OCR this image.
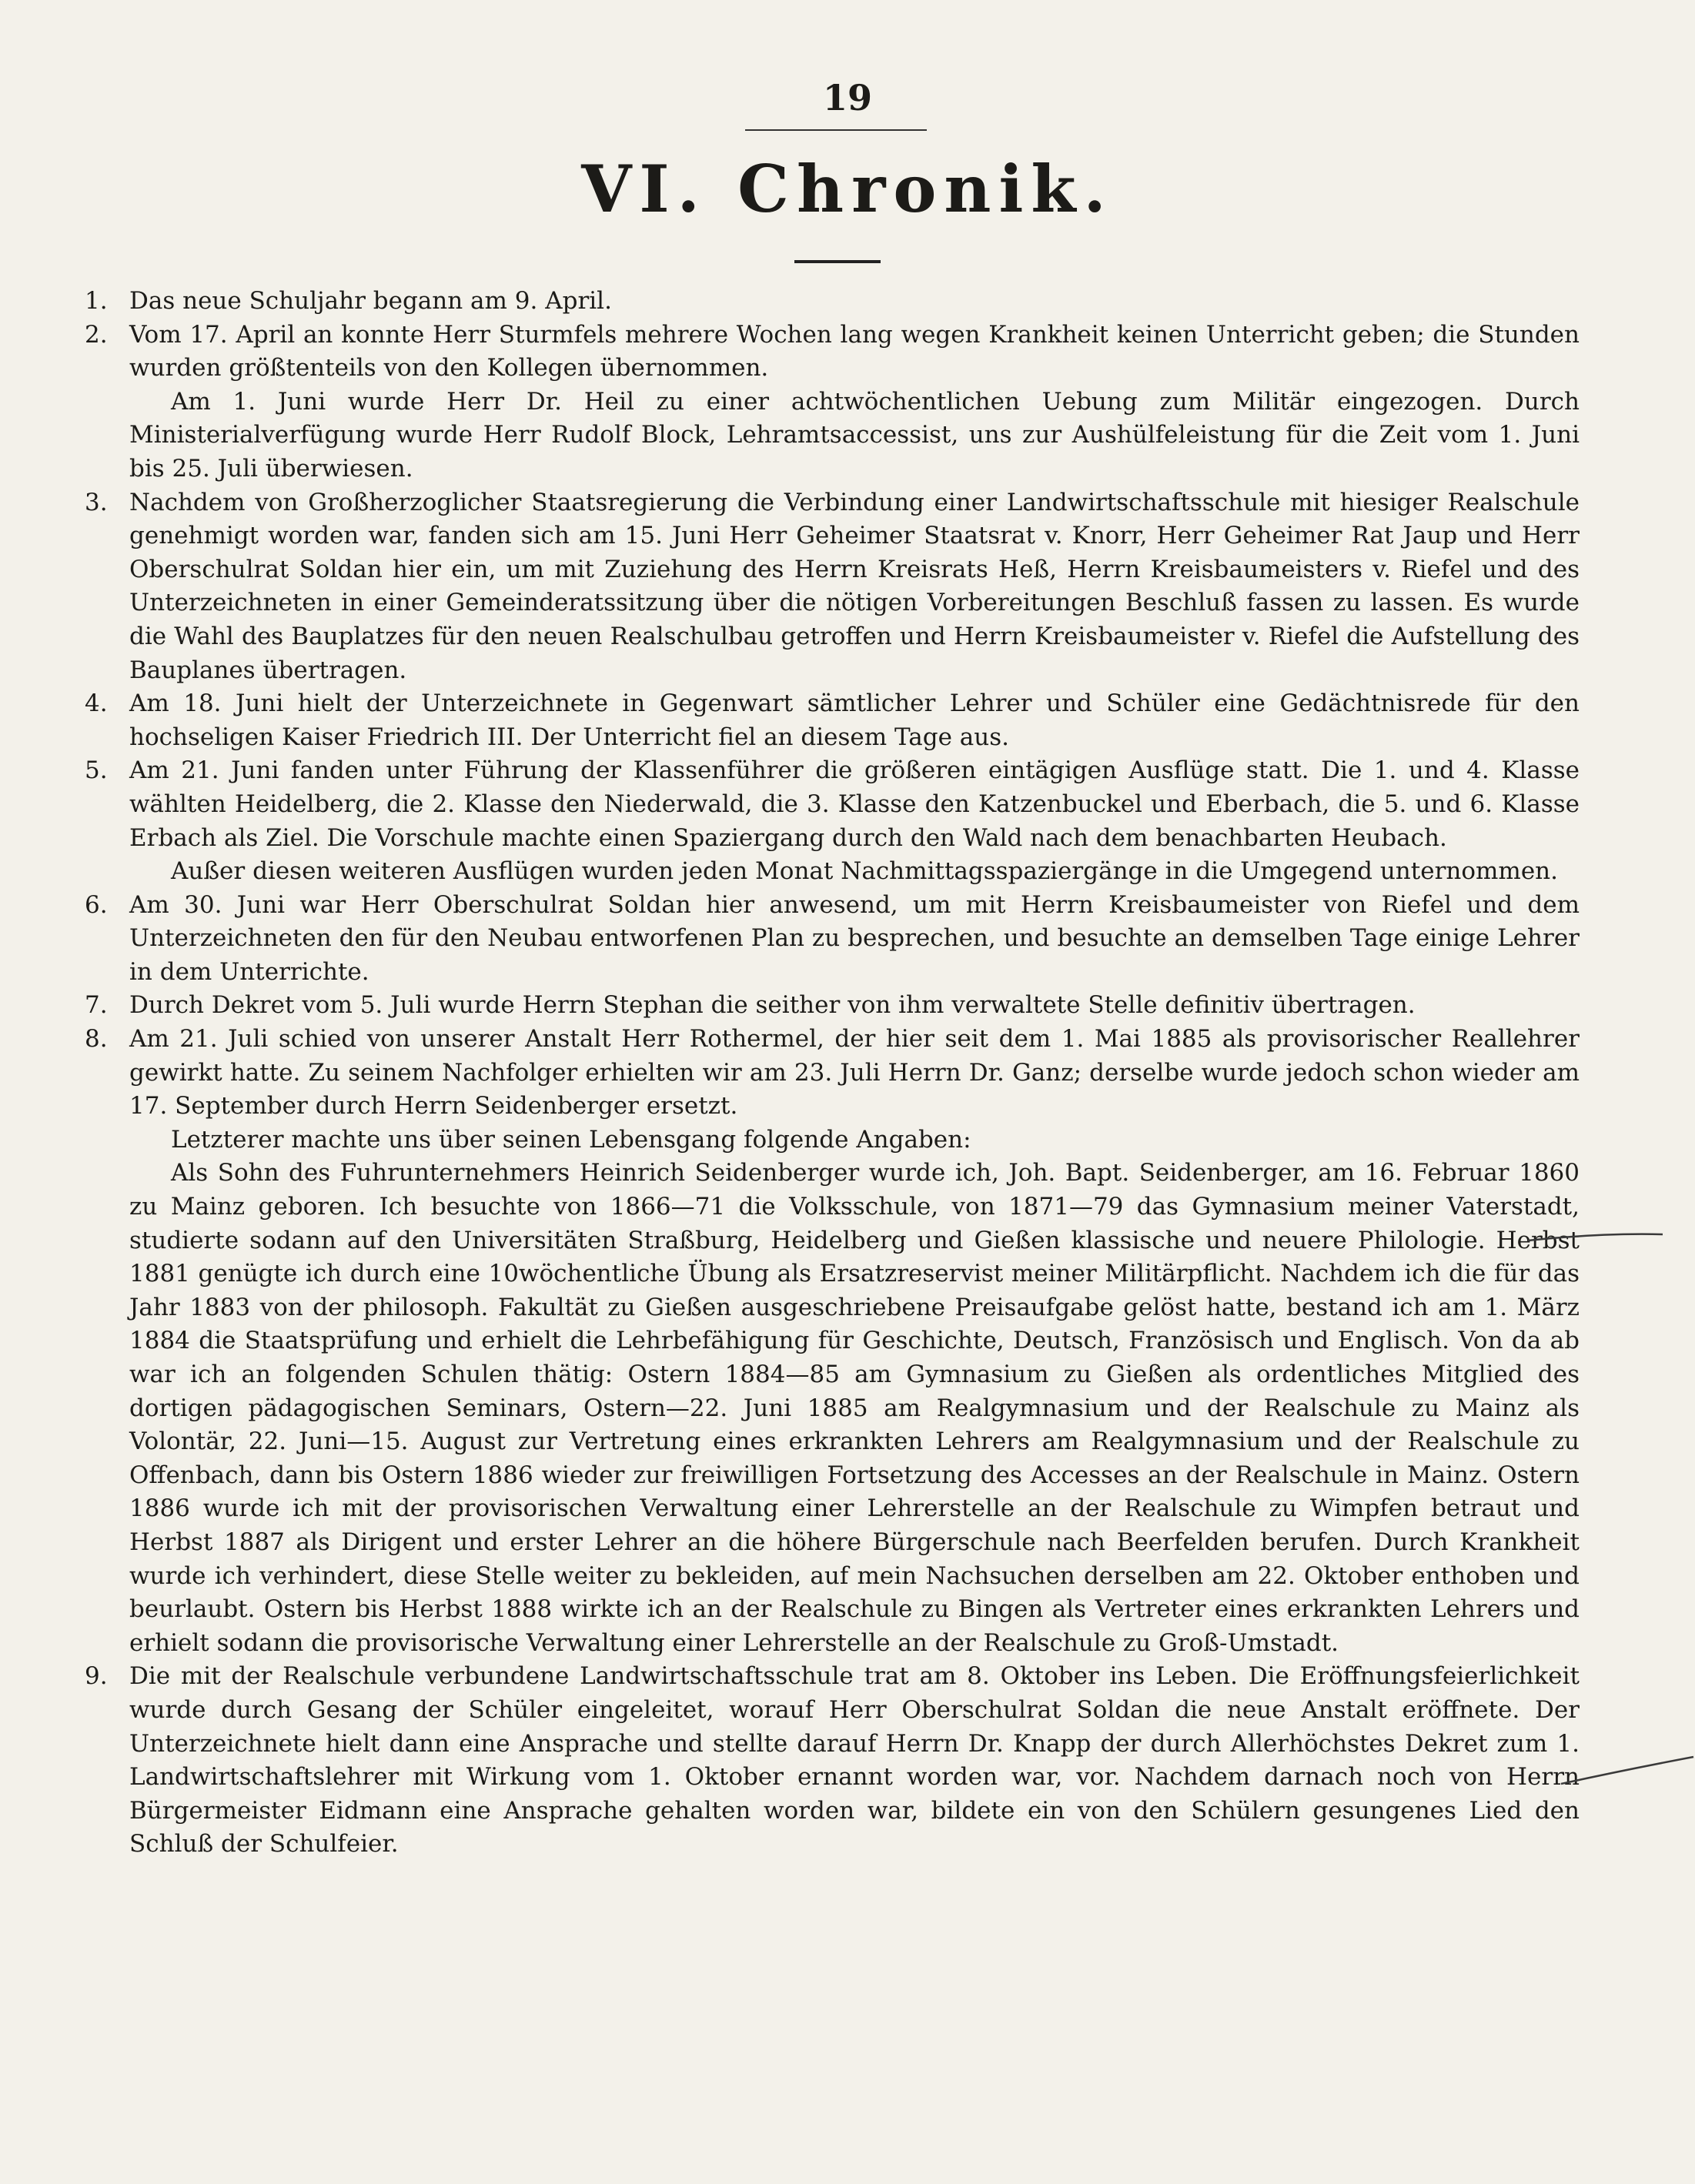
19
VI. Chronik.
1. Das neue Schuljahr begann am 9. April.

2. Vom 17. April an konnte Herr Sturmfels mehrere Wochen lang wegen Krankheit keinen Unterricht geben; die Stunden wurden größtenteils von den Kollegen übernommen.

Am 1. Juni wurde Herr Dr. Heil zu einer achtwöchentlichen Uebung zum Militär eingezogen. Durch Ministerialverfügung wurde Herr Rudolf Block, Lehramtsaccessist, uns zur Aushülfeleistung für die Zeit vom 1. Juni bis 25. Juli überwiesen.

3. Nachdem von Großherzoglicher Staatsregierung die Verbindung einer Landwirtschaftsschule mit hiesiger Realschule genehmigt worden war, fanden sich am 15. Juni Herr Geheimer Staatsrat v. Knorr, Herr Geheimer Rat Jaup und Herr Oberschulrat Soldan hier ein, um mit Zuziehung des Herrn Kreisrats Heß, Herrn Kreisbaumeisters v. Riefel und des Unterzeichneten in einer Gemeinderatssitzung über die nötigen Vorbereitungen Beschluß fassen zu lassen. Es wurde die Wahl des Bauplatzes für den neuen Realschulbau getroffen und Herrn Kreisbaumeister v. Riefel die Aufstellung des Bauplanes übertragen.

4. Am 18. Juni hielt der Unterzeichnete in Gegenwart sämtlicher Lehrer und Schüler eine Gedächtnisrede für den hochseligen Kaiser Friedrich III. Der Unterricht fiel an diesem Tage aus.

5. Am 21. Juni fanden unter Führung der Klassenführer die größeren eintägigen Ausflüge statt. Die 1. und 4. Klasse wählten Heidelberg, die 2. Klasse den Niederwald, die 3. Klasse den Katzenbuckel und Eberbach, die 5. und 6. Klasse Erbach als Ziel. Die Vorschule machte einen Spaziergang durch den Wald nach dem benachbarten Heubach.

Außer diesen weiteren Ausflügen wurden jeden Monat Nachmittagsspaziergänge in die Umgegend unternommen.

6. Am 30. Juni war Herr Oberschulrat Soldan hier anwesend, um mit Herrn Kreisbaumeister von Riefel und dem Unterzeichneten den für den Neubau entworfenen Plan zu besprechen, und besuchte an demselben Tage einige Lehrer in dem Unterrichte.

7. Durch Dekret vom 5. Juli wurde Herrn Stephan die seither von ihm verwaltete Stelle definitiv übertragen.

8. Am 21. Juli schied von unserer Anstalt Herr Rothermel, der hier seit dem 1. Mai 1885 als provisorischer Reallehrer gewirkt hatte. Zu seinem Nachfolger erhielten wir am 23. Juli Herrn Dr. Ganz; derselbe wurde jedoch schon wieder am 17. September durch Herrn Seidenberger ersetzt.

Letzterer machte uns über seinen Lebensgang folgende Angaben:

Als Sohn des Fuhrunternehmers Heinrich Seidenberger wurde ich, Joh. Bapt. Seidenberger, am 16. Februar 1860 zu Mainz geboren. Ich besuchte von 1866—71 die Volksschule, von 1871—79 das Gymnasium meiner Vaterstadt, studierte sodann auf den Universitäten Straßburg, Heidelberg und Gießen klassische und neuere Philologie. Herbst 1881 genügte ich durch eine 10wöchentliche Übung als Ersatzreservist meiner Militärpflicht. Nachdem ich die für das Jahr 1883 von der philosoph. Fakultät zu Gießen ausgeschriebene Preisaufgabe gelöst hatte, bestand ich am 1. März 1884 die Staatsprüfung und erhielt die Lehrbefähigung für Geschichte, Deutsch, Französisch und Englisch. Von da ab war ich an folgenden Schulen thätig: Ostern 1884—85 am Gymnasium zu Gießen als ordentliches Mitglied des dortigen pädagogischen Seminars, Ostern—22. Juni 1885 am Realgymnasium und der Realschule zu Mainz als Volontär, 22. Juni—15. August zur Vertretung eines erkrankten Lehrers am Realgymnasium und der Realschule zu Offenbach, dann bis Ostern 1886 wieder zur freiwilligen Fortsetzung des Accesses an der Realschule in Mainz. Ostern 1886 wurde ich mit der provisorischen Verwaltung einer Lehrerstelle an der Realschule zu Wimpfen betraut und Herbst 1887 als Dirigent und erster Lehrer an die höhere Bürgerschule nach Beerfelden berufen. Durch Krankheit wurde ich verhindert, diese Stelle weiter zu bekleiden, auf mein Nachsuchen derselben am 22. Oktober enthoben und beurlaubt. Ostern bis Herbst 1888 wirkte ich an der Realschule zu Bingen als Vertreter eines erkrankten Lehrers und erhielt sodann die provisorische Verwaltung einer Lehrerstelle an der Realschule zu Groß-Umstadt.

9. Die mit der Realschule verbundene Landwirtschaftsschule trat am 8. Oktober ins Leben. Die Eröffnungsfeierlichkeit wurde durch Gesang der Schüler eingeleitet, worauf Herr Oberschulrat Soldan die neue Anstalt eröffnete. Der Unterzeichnete hielt dann eine Ansprache und stellte darauf Herrn Dr. Knapp der durch Allerhöchstes Dekret zum 1. Landwirtschaftslehrer mit Wirkung vom 1. Oktober ernannt worden war, vor. Nachdem darnach noch von Herrn Bürgermeister Eidmann eine Ansprache gehalten worden war, bildete ein von den Schülern gesungenes Lied den Schluß der Schulfeier.
